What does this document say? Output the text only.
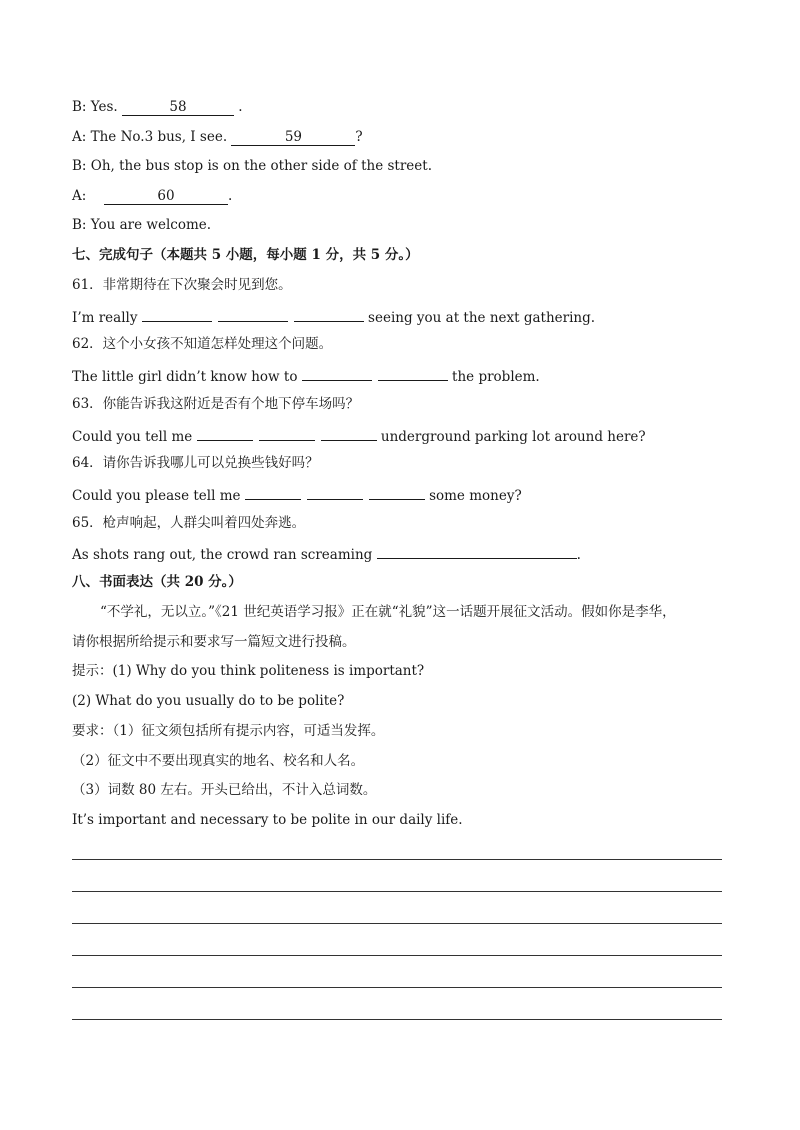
B: Yes.	58	.
A: The No.3 bus, I see.	59	?
B: Oh, the bus stop is on the other side of the street.
A:	60	.
B: You are welcome.
七、完成句子（本题共 5 小题，每小题 1 分，共 5 分。）
61．非常期待在下次聚会时见到您。
I’m really	seeing you at the next gathering.
62．这个小女孩不知道怎样处理这个问题。
The little girl didn’t know how to	the problem.
63．你能告诉我这附近是否有个地下停车场吗？
Could you tell me	underground parking lot around here?
64．请你告诉我哪儿可以兑换些钱好吗？
Could you please tell me	some money?
65．枪声响起，人群尖叫着四处奔逃。
As shots rang out, the crowd ran screaming	.
八、书面表达（共 20 分。）
“不学礼，无以立。”《21 世纪英语学习报》正在就“礼貌”这一话题开展征文活动。假如你是李华，
请你根据所给提示和要求写一篇短文进行投稿。
提示：(1) Why do you think politeness is important?
(2) What do you usually do to be polite?
要求：（1）征文须包括所有提示内容，可适当发挥。
（2）征文中不要出现真实的地名、校名和人名。
（3）词数 80 左右。开头已给出，不计入总词数。
It’s important and necessary to be polite in our daily life.
